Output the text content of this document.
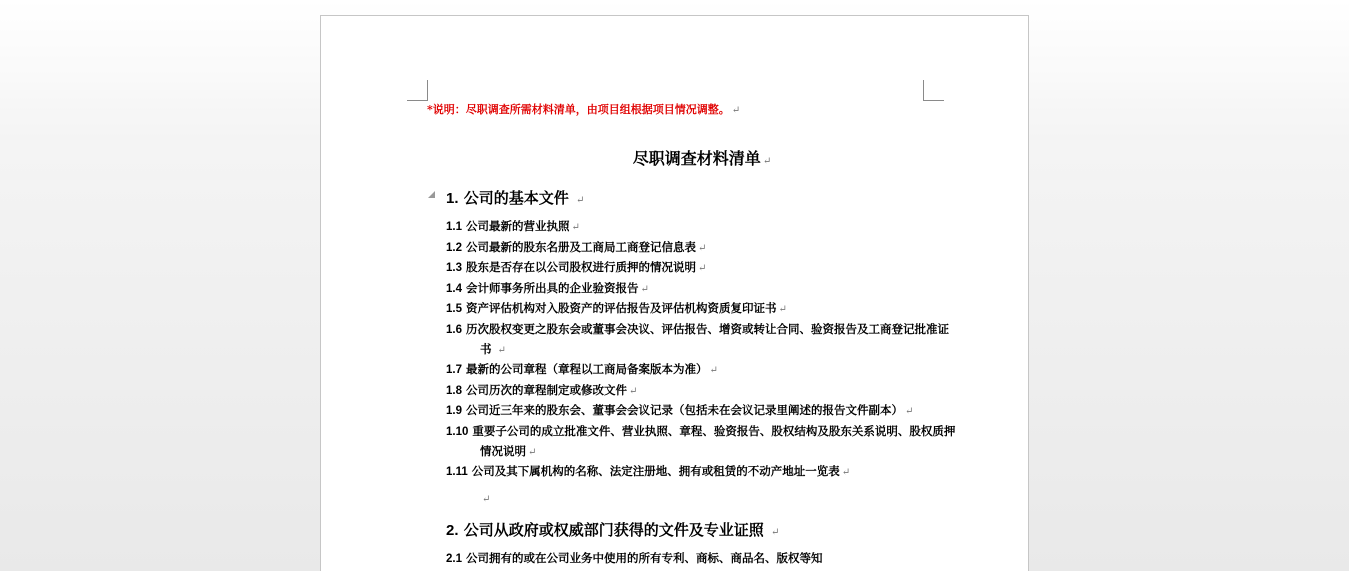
*说明：尽职调查所需材料清单，由项目组根据项目情况调整。 ↵
尽职调查材料清单 ↵
1. 公司的基本文件 ↵
1.1 公司最新的营业执照 ↵
1.2 公司最新的股东名册及工商局工商登记信息表 ↵
1.3 股东是否存在以公司股权进行质押的情况说明 ↵
1.4 会计师事务所出具的企业验资报告 ↵
1.5 资产评估机构对入股资产的评估报告及评估机构资质复印证书 ↵
1.6 历次股权变更之股东会或董事会决议、评估报告、增资或转让合同、验资报告及工商登记批准证书 ↵
1.7 最新的公司章程（章程以工商局备案版本为准） ↵
1.8 公司历次的章程制定或修改文件 ↵
1.9 公司近三年来的股东会、董事会会议记录（包括未在会议记录里阐述的报告文件副本） ↵
1.10 重要子公司的成立批准文件、营业执照、章程、验资报告、股权结构及股东关系说明、股权质押情况说明 ↵
1.11 公司及其下属机构的名称、法定注册地、拥有或租赁的不动产地址一览表 ↵
↵
2. 公司从政府或权威部门获得的文件及专业证照 ↵
2.1 公司拥有的或在公司业务中使用的所有专利、商标、商品名、版权等知
